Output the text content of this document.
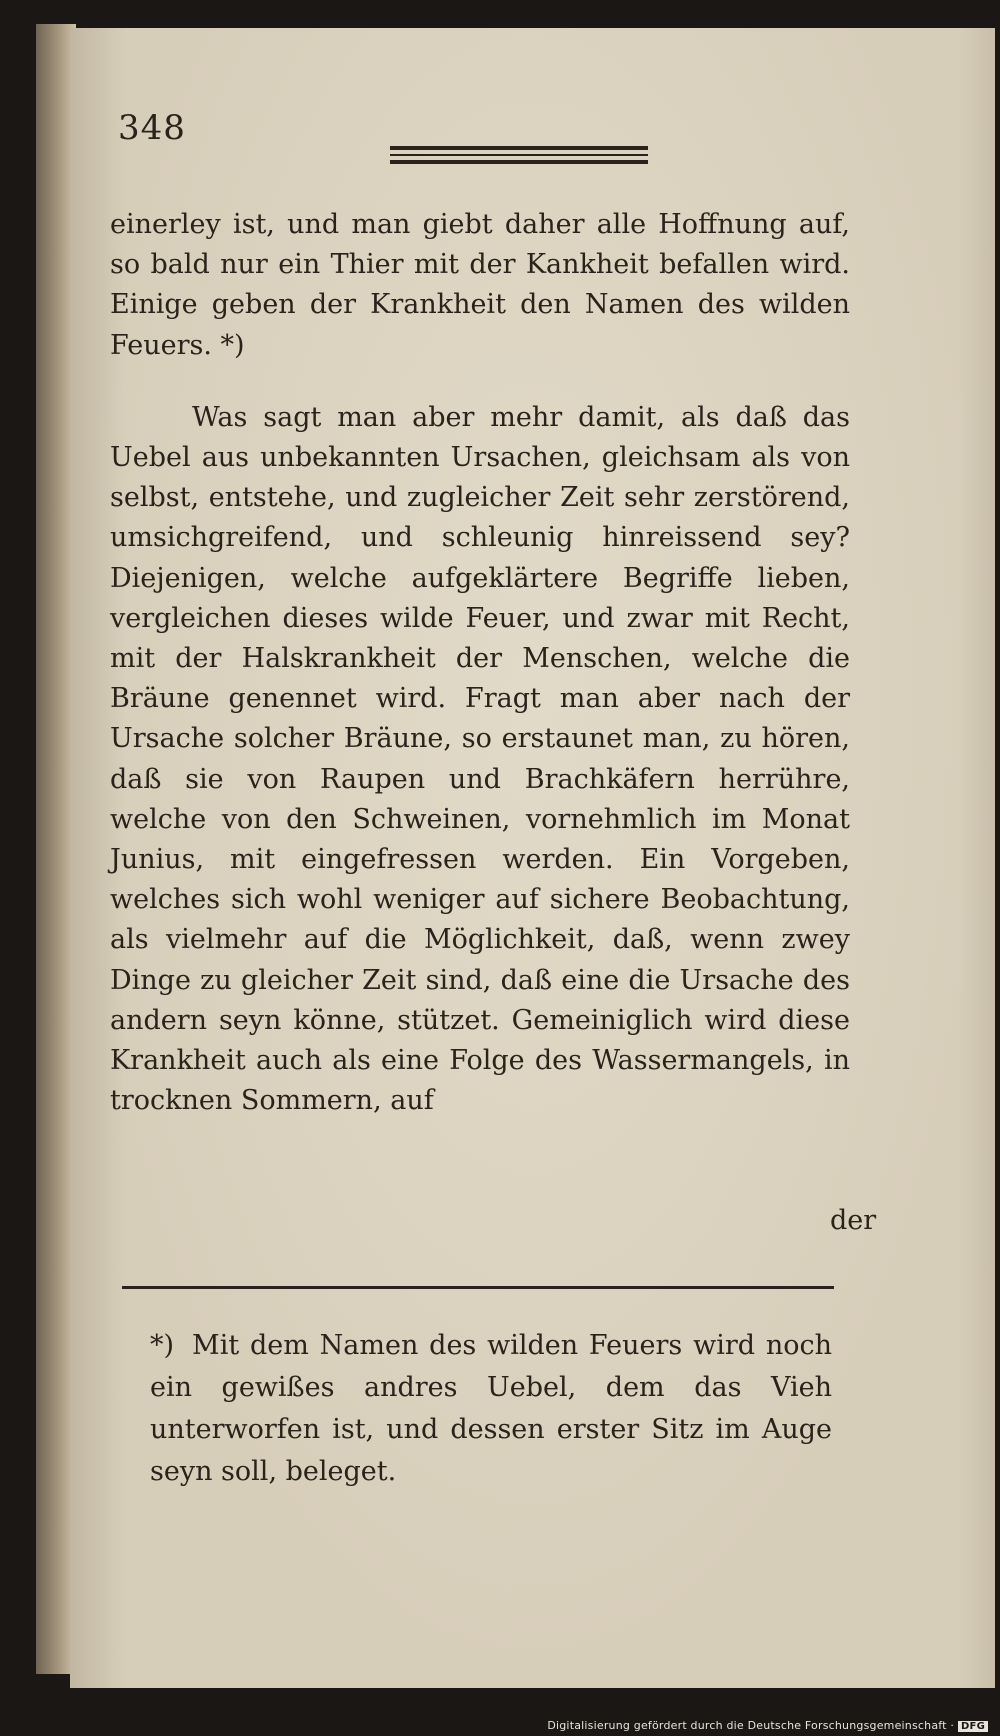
348

einerley ist, und man giebt daher alle Hoffnung auf, so bald nur ein Thier mit der Kankheit befallen wird. Einige geben der Krankheit den Namen des wilden Feuers. *)

Was sagt man aber mehr damit, als daß das Uebel aus unbekannten Ursachen, gleichsam als von selbst, entstehe, und zugleicher Zeit sehr zerstörend, umsichgreifend, und schleunig hinreissend sey? Diejenigen, welche aufgeklärtere Begriffe lieben, vergleichen dieses wilde Feuer, und zwar mit Recht, mit der Halskrankheit der Menschen, welche die Bräune genennet wird. Fragt man aber nach der Ursache solcher Bräune, so erstaunet man, zu hören, daß sie von Raupen und Brachkäfern herrühre, welche von den Schweinen, vornehmlich im Monat Junius, mit eingefressen werden. Ein Vorgeben, welches sich wohl weniger auf sichere Beobachtung, als vielmehr auf die Möglichkeit, daß, wenn zwey Dinge zu gleicher Zeit sind, daß eine die Ursache des andern seyn könne, stützet. Gemeiniglich wird diese Krankheit auch als eine Folge des Wassermangels, in trocknen Sommern, auf

der
*) Mit dem Namen des wilden Feuers wird noch ein gewißes andres Uebel, dem das Vieh unterworfen ist, und dessen erster Sitz im Auge seyn soll, beleget.
Digitalisierung gefördert durch die Deutsche Forschungsgemeinschaft · DFG
